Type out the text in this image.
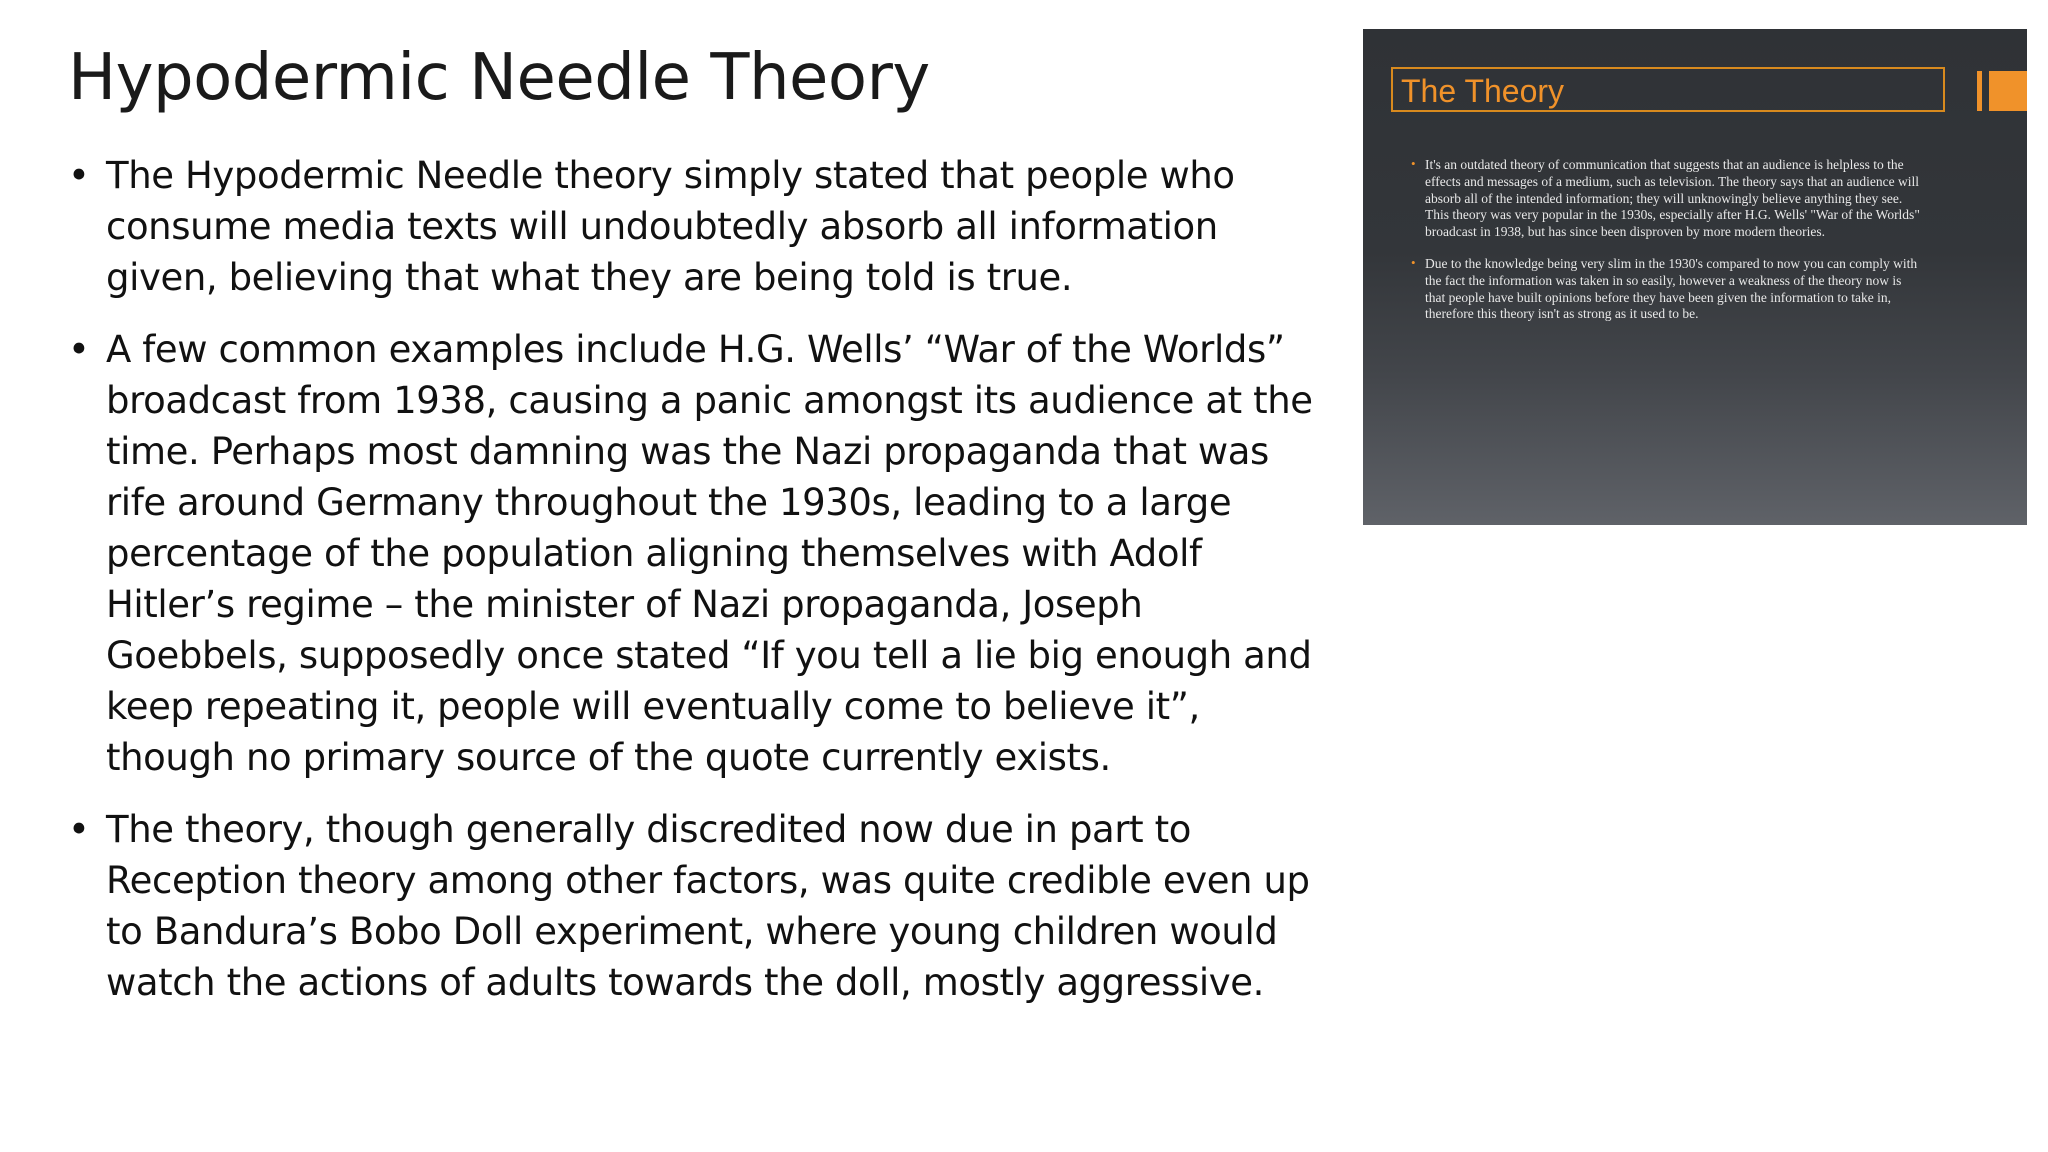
Hypodermic Needle Theory
• The Hypodermic Needle theory simply stated that people who consume media texts will undoubtedly absorb all information given, believing that what they are being told is true.
• A few common examples include H.G. Wells’ “War of the Worlds” broadcast from 1938, causing a panic amongst its audience at the time. Perhaps most damning was the Nazi propaganda that was rife around Germany throughout the 1930s, leading to a large percentage of the population aligning themselves with Adolf Hitler’s regime – the minister of Nazi propaganda, Joseph Goebbels, supposedly once stated “If you tell a lie big enough and keep repeating it, people will eventually come to believe it”, though no primary source of the quote currently exists.
• The theory, though generally discredited now due in part to Reception theory among other factors, was quite credible even up to Bandura’s Bobo Doll experiment, where young children would watch the actions of adults towards the doll, mostly aggressive.
The Theory
• It's an outdated theory of communication that suggests that an audience is helpless to the effects and messages of a medium, such as television. The theory says that an audience will absorb all of the intended information; they will unknowingly believe anything they see. This theory was very popular in the 1930s, especially after H.G. Wells' "War of the Worlds" broadcast in 1938, but has since been disproven by more modern theories.
• Due to the knowledge being very slim in the 1930's compared to now you can comply with the fact the information was taken in so easily, however a weakness of the theory now is that people have built opinions before they have been given the information to take in, therefore this theory isn't as strong as it used to be.
